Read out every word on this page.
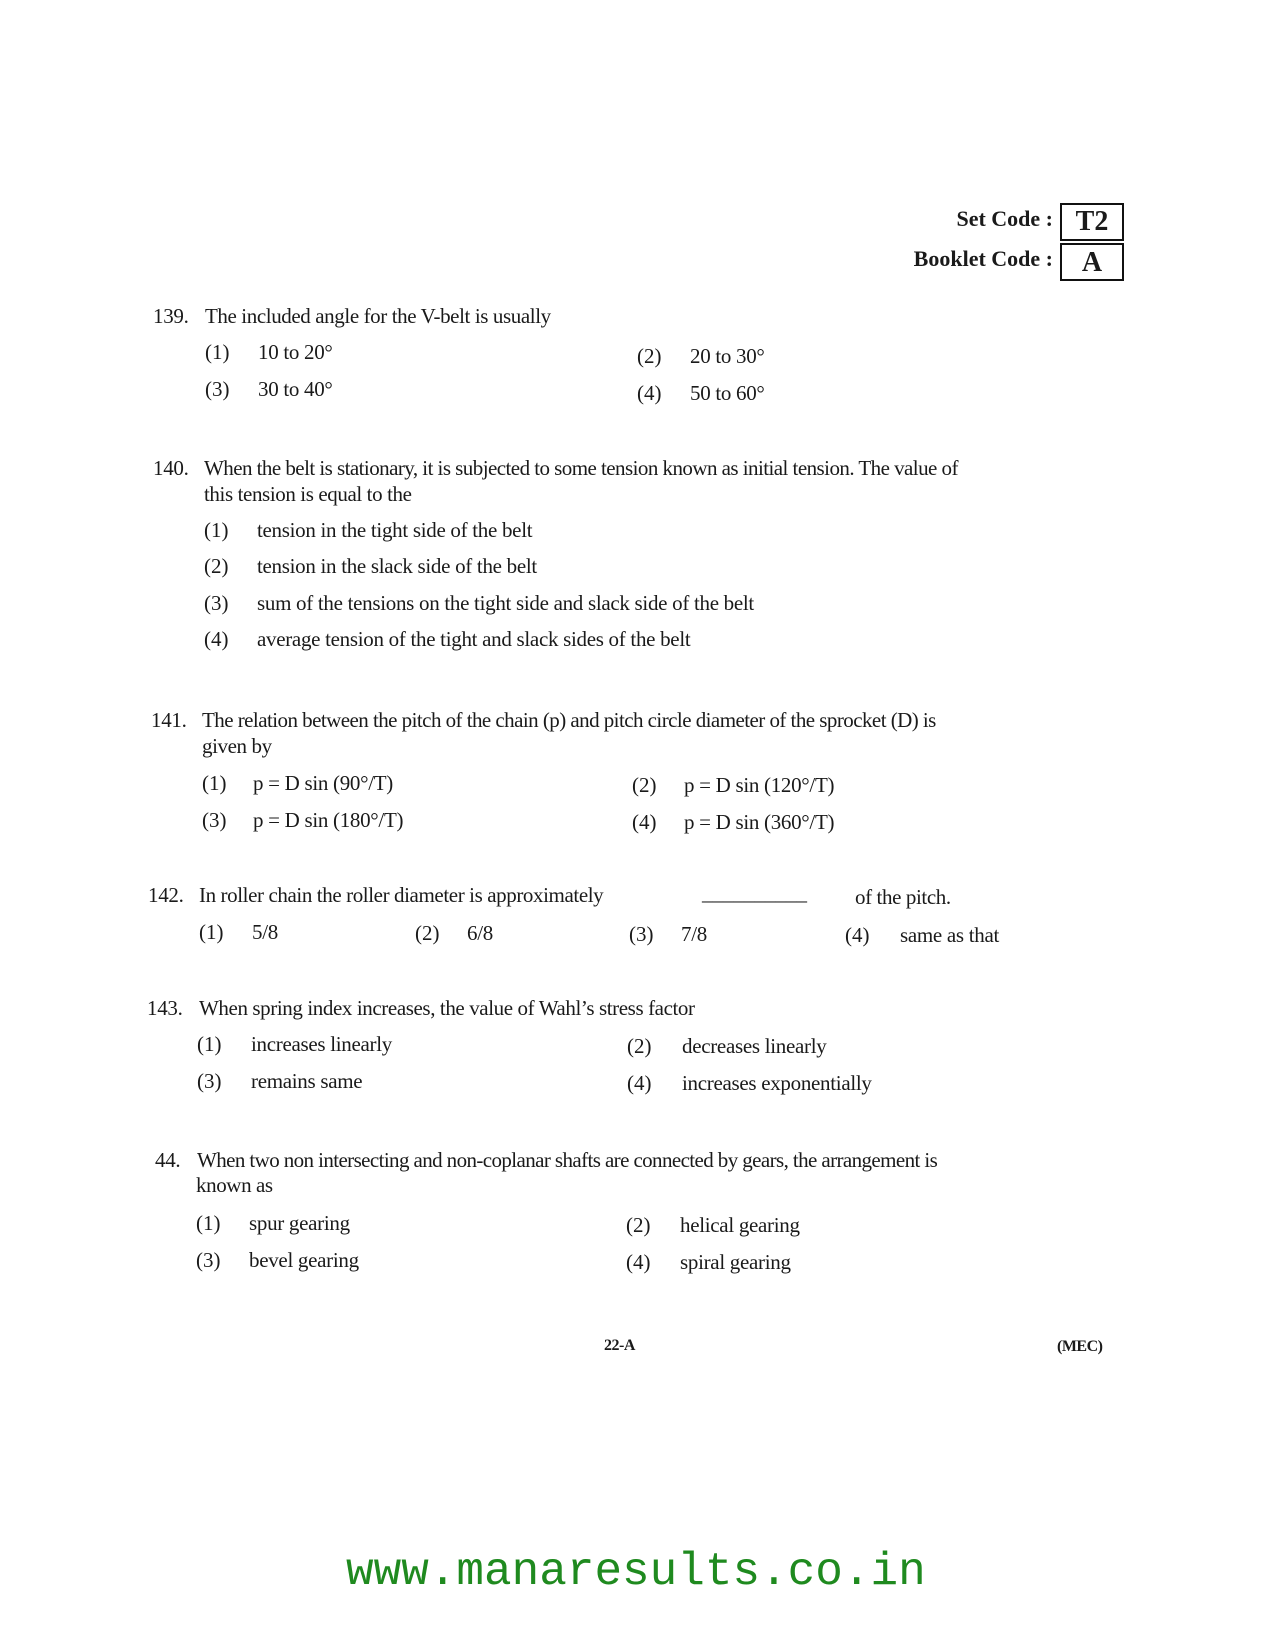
Set Code : T2
Booklet Code :	A
139. The included angle for the V-belt is usually
(1) 10 to 20°	(2) 20 to 30°
(3) 30 to 40°	(4) 50 to 60°
140. When the belt is stationary, it is subjected to some tension known as initial tension. The value of
this tension is equal to the
(1) tension in the tight side of the belt
(2) tension in the slack side of the belt
(3) sum of the tensions on the tight side and slack side of the belt
(4) average tension of the tight and slack sides of the belt
141. The relation between the pitch of the chain (p) and pitch circle diameter of the sprocket (D) is
given by
(1) p = D sin (90°/T)	(2) p = D sin (120°/T)
(3) p = D sin (180°/T)	(4) p = D sin (360°/T)
142. In roller chain the roller diameter is approximately	__________ of the pitch.
(1) 5/8	(2) 6/8	(3) 7/8	(4) same as that
143. When spring index increases, the value of Wahl’s stress factor
(1) increases linearly	(2) decreases linearly
(3) remains same	(4) increases exponentially
44. When two non intersecting and non-coplanar shafts are connected by gears, the arrangement is
known as
(1) spur gearing	(2) helical gearing
(3) bevel gearing	(4) spiral gearing
22-A	(MEC)
www.manaresults.co.in
